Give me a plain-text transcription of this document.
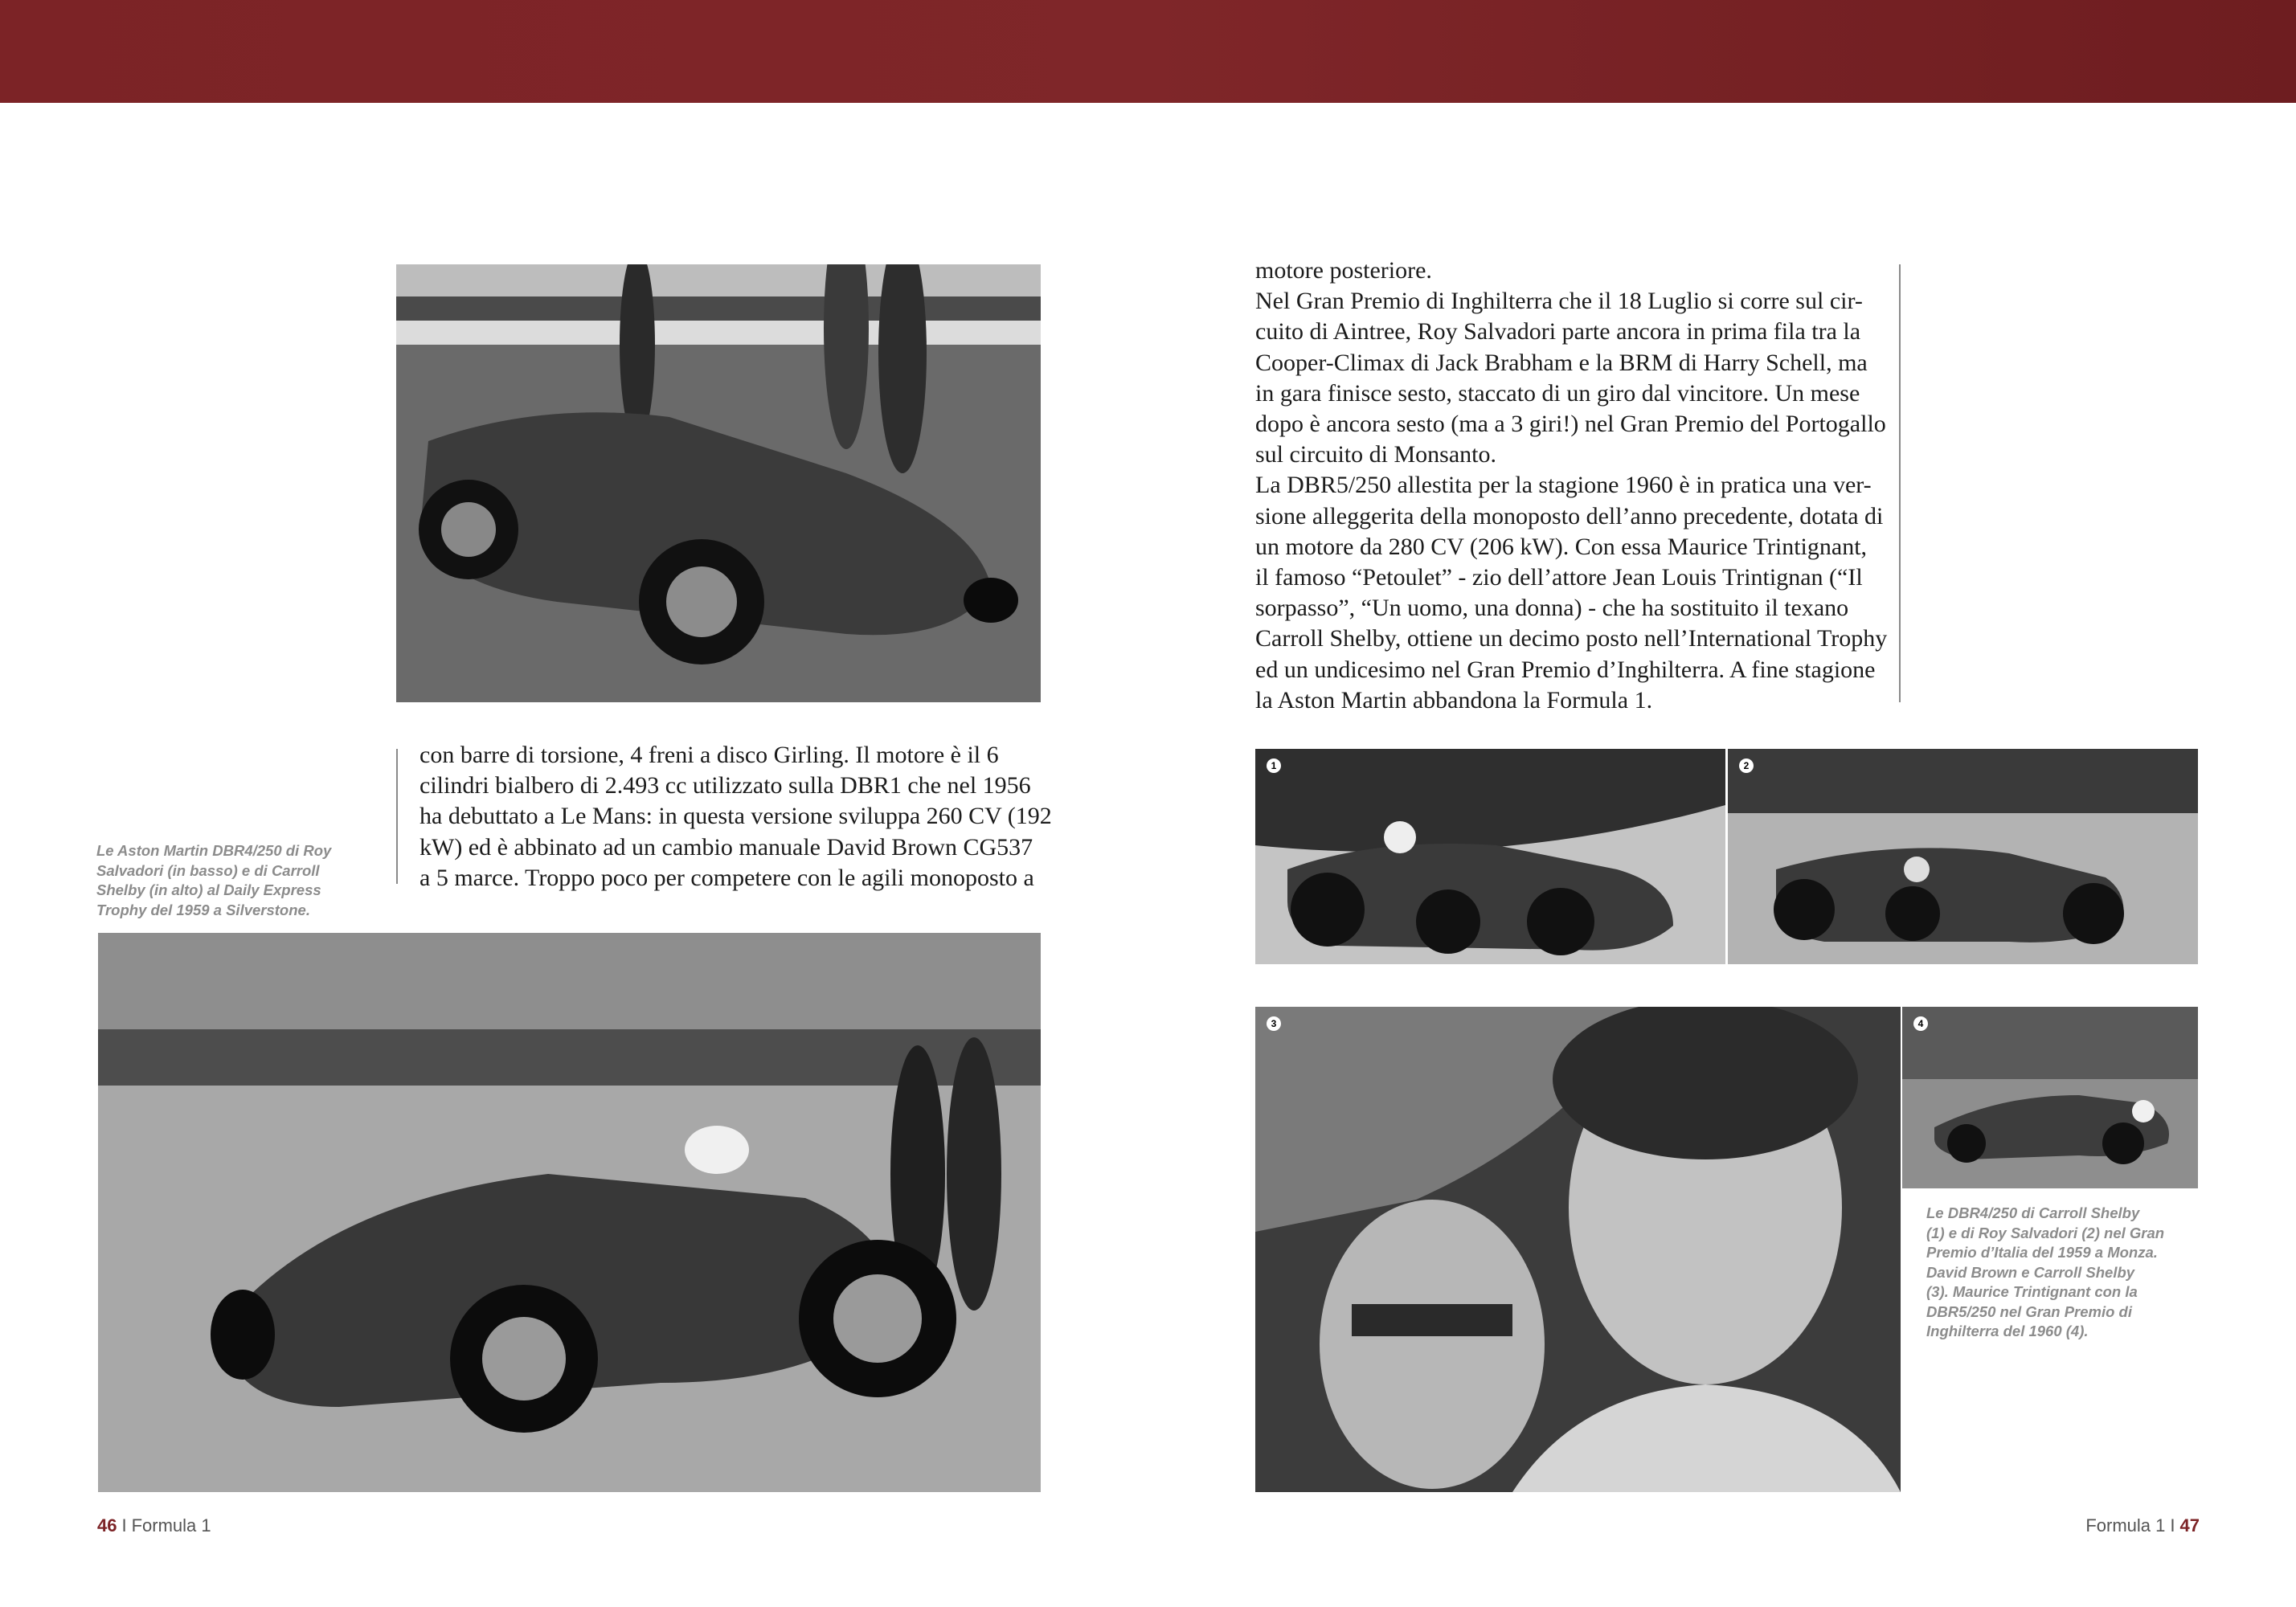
Le Aston Martin DBR4/250 di Roy
Salvadori (in basso) e di Carroll
Shelby (in alto) al Daily Express
Trophy del 1959 a Silverstone.

con barre di torsione, 4 freni a disco Girling. Il motore è il 6
cilindri bialbero di 2.493 cc utilizzato sulla DBR1 che nel 1956
ha debuttato a Le Mans: in questa versione sviluppa 260 CV (192
kW) ed è abbinato ad un cambio manuale David Brown CG537
a 5 marce. Troppo poco per competere con le agili monoposto a

46 I Formula 1

motore posteriore.
Nel Gran Premio di Inghilterra che il 18 Luglio si corre sul cir-
cuito di Aintree, Roy Salvadori parte ancora in prima fila tra la
Cooper-Climax di Jack Brabham e la BRM di Harry Schell, ma
in gara finisce sesto, staccato di un giro dal vincitore. Un mese
dopo è ancora sesto (ma a 3 giri!) nel Gran Premio del Portogallo
sul circuito di Monsanto.
La DBR5/250 allestita per la stagione 1960 è in pratica una ver-
sione alleggerita della monoposto dell’anno precedente, dotata di
un motore da 280 CV (206 kW). Con essa Maurice Trintignant,
il famoso “Petoulet” - zio dell’attore Jean Louis Trintignan (“Il
sorpasso”, “Un uomo, una donna) - che ha sostituito il texano
Carroll Shelby, ottiene un decimo posto nell’International Trophy
ed un undicesimo nel Gran Premio d’Inghilterra. A fine stagione
la Aston Martin abbandona la Formula 1.

1	2
3	4

Le DBR4/250 di Carroll Shelby
(1) e di Roy Salvadori (2) nel Gran
Premio d’Italia del 1959 a Monza.
David Brown e Carroll Shelby
(3). Maurice Trintignant con la
DBR5/250 nel Gran Premio di
Inghilterra del 1960 (4).

Formula 1 I 47
